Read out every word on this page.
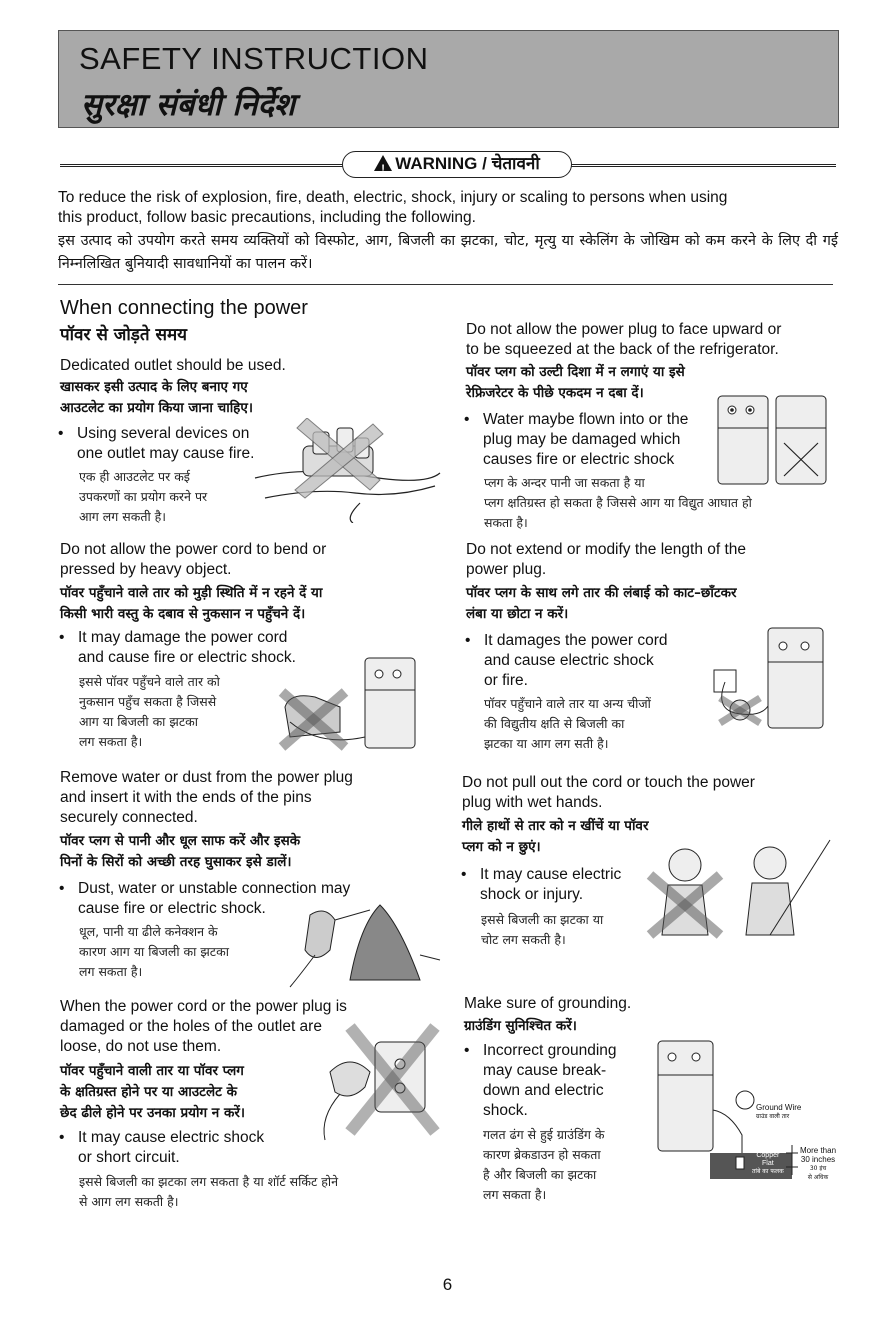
SAFETY INSTRUCTION
सुरक्षा संबंधी निर्देश
!WARNING / चेतावनी
To reduce the risk of explosion, fire, death, electric, shock, injury or scaling to persons when using
this product, follow basic precautions, including the following.
इस उत्पाद को उपयोग करते समय व्यक्तियों को विस्फोट, आग, बिजली का झटका, चोट, मृत्यु या स्केलिंग के जोखिम को कम करने के लिए दी गई निम्नलिखित बुनियादी सावधानियों का पालन करें।
When connecting the power
पॉवर से जोड़ते समय
Dedicated outlet should be used.
खासकर इसी उत्पाद के लिए बनाए गए
आउटलेट का प्रयोग किया जाना चाहिए।
• Using several devices on
one outlet may cause fire.
एक ही आउटलेट पर कई
उपकरणों का प्रयोग करने पर
आग लग सकती है।
Do not allow the power plug to face upward or
to be squeezed at the back of the refrigerator.
पॉवर प्लग को उल्टी दिशा में न लगाएं या इसे
रेफ्रिजरेटर के पीछे एकदम न दबा दें।
• Water maybe flown into or the
plug may be damaged which
causes fire or electric shock
प्लग के अन्दर पानी जा सकता है या
प्लग क्षतिग्रस्त हो सकता है जिससे आग या विद्युत आघात हो
सकता है।
Do not allow the power cord to bend or
pressed by heavy object.
पॉवर पहुँचाने वाले तार को मुड़ी स्थिति में न रहने दें या
किसी भारी वस्तु के दबाव से नुकसान न पहुँचने दें।
• It may damage the power cord
and cause fire or electric shock.
इससे पॉवर पहुँचने वाले तार को
नुकसान पहुँच सकता है जिससे
आग या बिजली का झटका
लग सकता है।
Do not extend or modify the length of the
power plug.
पॉवर प्लग के साथ लगे तार की लंबाई को काट–छाँटकर
लंबा या छोटा न करें।
• It damages the power cord
and cause electric shock
or fire.
पॉवर पहुँचाने वाले तार या अन्य चीजों
की विद्युतीय क्षति से बिजली का
झटका या आग लग सती है।
Remove water or dust from the power plug
and insert it with the ends of the pins
securely connected.
पॉवर प्लग से पानी और धूल साफ करें और इसके
पिनों के सिरों को अच्छी तरह घुसाकर इसे डालें।
• Dust, water or unstable connection may
cause fire or electric shock.
धूल, पानी या ढीले कनेक्शन के
कारण आग या बिजली का झटका
लग सकता है।
Do not pull out the cord or touch the power
plug with wet hands.
गीले हाथों से तार को न खींचें या पॉवर
प्लग को न छुएं।
• It may cause electric
shock or injury.
इससे बिजली का झटका या
चोट लग सकती है।
When the power cord or the power plug is
damaged or the holes of the outlet are
loose, do not use them.
पॉवर पहुँचाने वाली तार या पॉवर प्लग
के क्षतिग्रस्त होने पर या आउटलेट के
छेद ढीले होने पर उनका प्रयोग न करें।
• It may cause electric shock
or short circuit.
इससे बिजली का झटका लग सकता है या शॉर्ट सर्किट होने
से आग लग सकती है।
Make sure of grounding.
ग्राउंडिंग सुनिश्चित करें।
• Incorrect grounding
may cause break-
down and electric
shock.
गलत ढंग से हुई ग्राउंडिंग के
कारण ब्रेकडाउन हो सकता
है और बिजली का झटका
लग सकता है।
Ground Wire
ग्राउंड वाली तार
Copper
Flat
तांबे का फलक
More than
30 inches
30 इंच
से अधिक
6
